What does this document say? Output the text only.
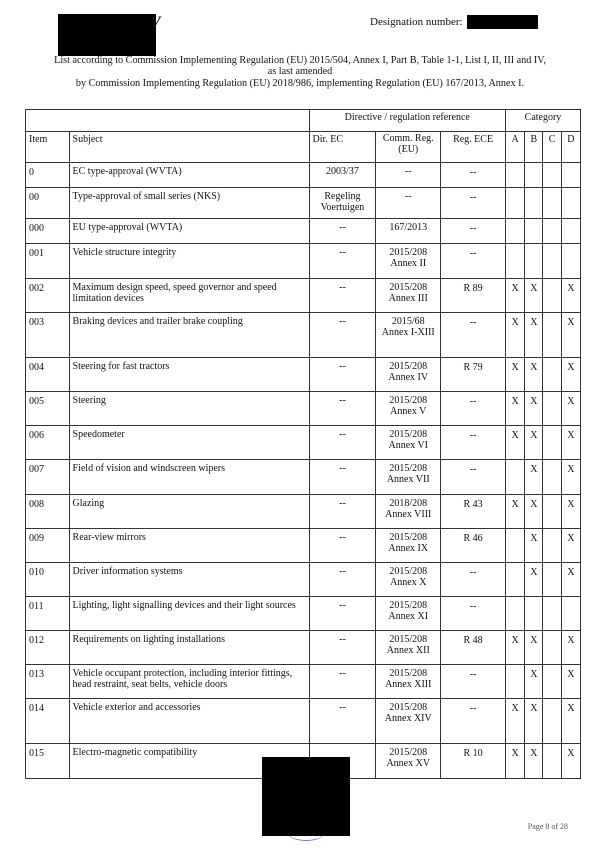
V	Designation number:
List according to Commission Implementing Regulation (EU) 2015/504, Annex I, Part B, Table 1-1, List I, II, III and IV,
as last amended
by Commission Implementing Regulation (EU) 2018/986, implementing Regulation (EU) 167/2013, Annex I.
		Directive / regulation reference			Category			
Item	Subject	Dir. EC	Comm. Reg. (EU)	Reg. ECE	A	B	C	D
0	EC type-approval (WVTA)	2003/37	--	--				
00	Type-approval of small series (NKS)	Regeling Voertuigen	--	--				
000	EU type-approval (WVTA)	--	167/2013	--				
001	Vehicle structure integrity	--	2015/208 Annex II	--				
002	Maximum design speed, speed governor and speed limitation devices	--	2015/208 Annex III	R 89	X	X		X
003	Braking devices and trailer brake coupling	--	2015/68 Annex I-XIII	--	X	X		X
004	Steering for fast tractors	--	2015/208 Annex IV	R 79	X	X		X
005	Steering	--	2015/208 Annex V	--	X	X		X
006	Speedometer	--	2015/208 Annex VI	--	X	X		X
007	Field of vision and windscreen wipers	--	2015/208 Annex VII	--		X		X
008	Glazing	--	2018/208 Annex VIII	R 43	X	X		X
009	Rear-view mirrors	--	2015/208 Annex IX	R 46		X		X
010	Driver information systems	--	2015/208 Annex X	--		X		X
011	Lighting, light signalling devices and their light sources	--	2015/208 Annex XI	--				
012	Requirements on lighting installations	--	2015/208 Annex XII	R 48	X	X		X
013	Vehicle occupant protection, including interior fittings, head restraint, seat belts, vehicle doors	--	2015/208 Annex XIII	--		X		X
014	Vehicle exterior and accessories	--	2015/208 Annex XIV	--	X	X		X
015	Electro-magnetic compatibility		2015/208 Annex XV	R 10	X	X		X
Page 8 of 28
